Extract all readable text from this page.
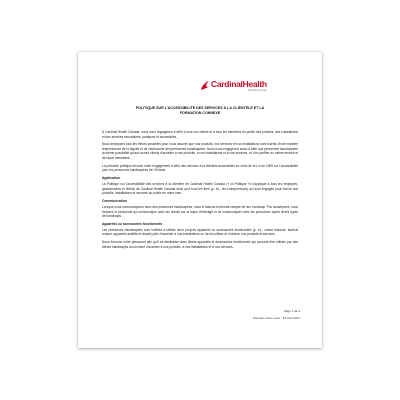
CardinalHealth
Essential to care
POLITIQUE SUR L’ACCESSIBILITÉ DES SERVICES À LA CLIENTÈLE ET LA
FORMATION CONNEXE

À Cardinal Health Canada, nous nous engageons à offrir à tous nos clients et à tous les membres du public des produits, des installations et des services sécuritaires, pratiques et accessibles.

Nous déployons tous les efforts possibles pour nous assurer que nos produits, nos services et nos installations sont fournis d’une manière respectueuse de la dignité et de l’autonomie des personnes handicapées. Nous nous engageons aussi à offrir aux personnes handicapées la même possibilité qu’aux autres clients d’accéder à nos produits, à nos installations et à nos services, et d’en profiter au même endroit et de façon semblable.

La présente politique énonce notre engagement à offrir des services à la clientèle accessibles en vertu de la Loi de 2005 sur l’accessibilité pour les personnes handicapées de l’Ontario.

Application

La Politique sur l’accessibilité des services à la clientèle de Cardinal Health Canada (« la Politique ») s’applique à tous les employés, gestionnaires et clients de Cardinal Health Canada ainsi qu’à tous les tiers (p. ex., les entrepreneurs) qui sont engagés pour fournir nos produits, installations et services au public en notre nom.

Communication

Lorsque nous communiquons avec des personnes handicapées, nous le faisons en tenant compte de leur handicap. Par conséquent, nous formons le personnel qui communique avec les clients sur la façon d’interagir et de communiquer avec les personnes ayant divers types de handicaps.

Appareils ou accessoires fonctionnels

Les personnes handicapées sont invitées à utiliser leurs propres appareils ou accessoires fonctionnels (p. ex., canne blanche, fauteuil roulant, appareils auditifs et visuels) afin d’accéder à nos installations ou de les utiliser et d’obtenir nos produits et services.

Nous formons notre personnel afin qu’il se familiarise avec divers appareils et accessoires fonctionnels qui peuvent être utilisés par des clients handicapés au moment d’accéder à nos produits, à nos installations et à nos services.

Page 1 de 3
Dernière mise à jour : 18 avril 2021
